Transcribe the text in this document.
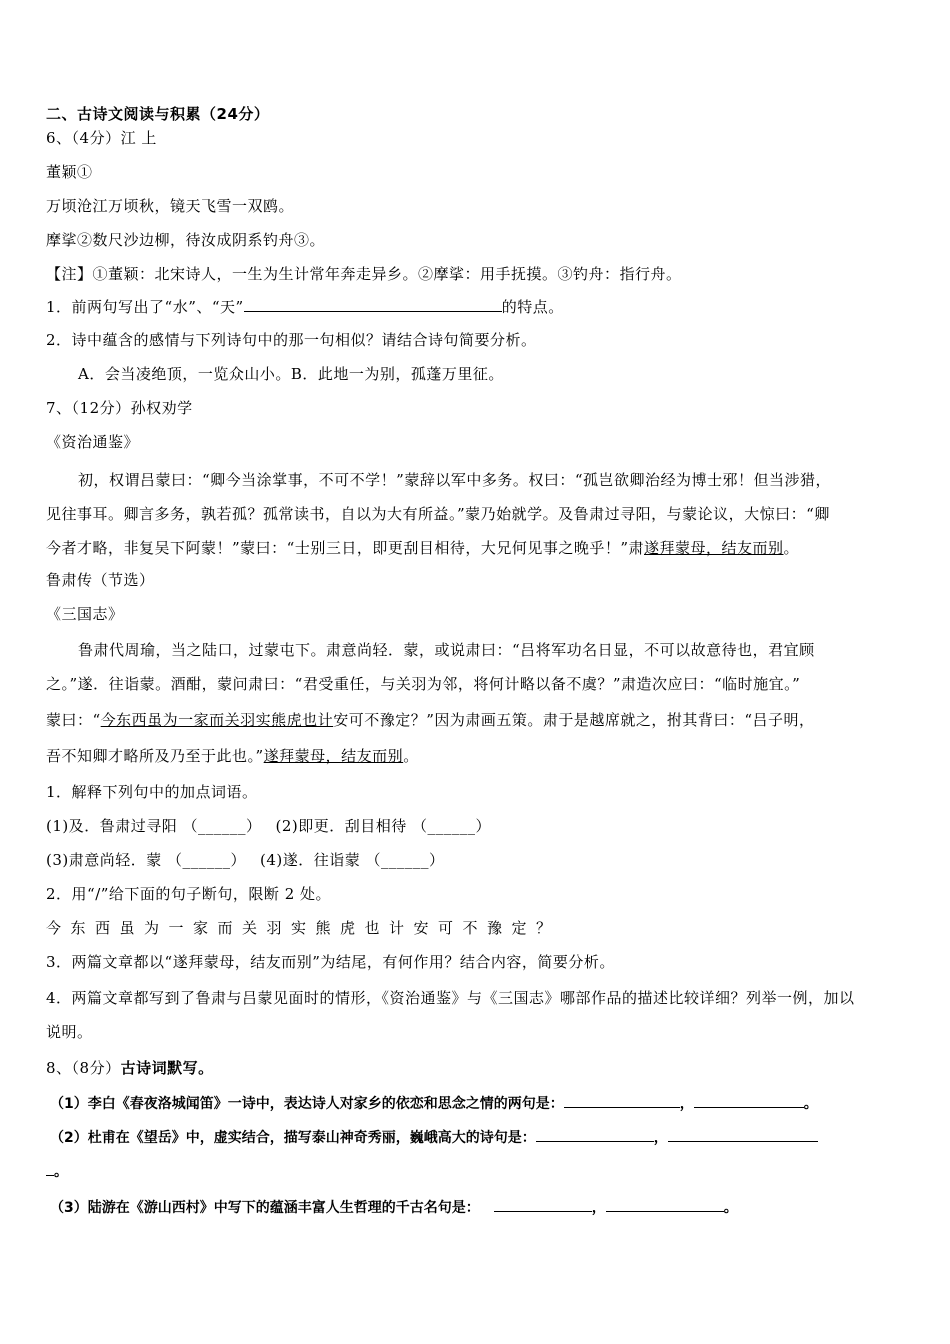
二、古诗文阅读与积累（24分）
6、（4分）江 上
董颖①
万顷沧江万顷秋，镜天飞雪一双鸥。
摩挲②数尺沙边柳，待汝成阴系钓舟③。
【注】①董颖：北宋诗人，一生为生计常年奔走异乡。②摩挲：用手抚摸。③钓舟：指行舟。
1．前两句写出了“水”、“天”	的特点。
2．诗中蕴含的感情与下列诗句中的那一句相似？请结合诗句简要分析。
A．会当凌绝顶，一览众山小。B．此地一为别，孤蓬万里征。
7、（12分）孙权劝学
《资治通鉴》
初，权谓吕蒙曰：“卿今当涂掌事，不可不学！”蒙辞以军中多务。权曰：“孤岂欲卿治经为博士邪！但当涉猎，
见往事耳。卿言多务，孰若孤？孤常读书，自以为大有所益。”蒙乃始就学。及鲁肃过寻阳，与蒙论议，大惊曰：“卿
今者才略，非复吴下阿蒙！”蒙曰：“士别三日，即更刮目相待，大兄何见事之晚乎！”肃遂拜蒙母，结友而别。
鲁肃传（节选）
《三国志》
鲁肃代周瑜，当之陆口，过蒙屯下。肃意尚轻．蒙，或说肃曰：“吕将军功名日显，不可以故意待也，君宜顾
之。”遂．往诣蒙。酒酣，蒙问肃曰：“君受重任，与关羽为邻，将何计略以备不虞？”肃造次应曰：“临时施宜。”
蒙曰：“今东西虽为一家而关羽实熊虎也计安可不豫定？”因为肃画五策。肃于是越席就之，拊其背曰：“吕子明，
吾不知卿才略所及乃至于此也。”遂拜蒙母，结友而别。
1．解释下列句中的加点词语。
(1)及．鲁肃过寻阳 （______） (2)即更．刮目相待 （______）
(3)肃意尚轻．蒙 （______） (4)遂．往诣蒙 （______）
2．用“/”给下面的句子断句，限断 2 处。
今东西虽为一家而关羽实熊虎也计安可不豫定？
3．两篇文章都以“遂拜蒙母，结友而别”为结尾，有何作用？结合内容，简要分析。
4．两篇文章都写到了鲁肃与吕蒙见面时的情形，《资治通鉴》与《三国志》哪部作品的描述比较详细？列举一例，加以
说明。
8、（8分）古诗词默写。
（1）李白《春夜洛城闻笛》一诗中，表达诗人对家乡的依恋和思念之情的两句是：	，	。
（2）杜甫在《望岳》中，虚实结合，描写泰山神奇秀丽，巍峨高大的诗句是：	，
。
（3）陆游在《游山西村》中写下的蕴涵丰富人生哲理的千古名句是：	，	。
